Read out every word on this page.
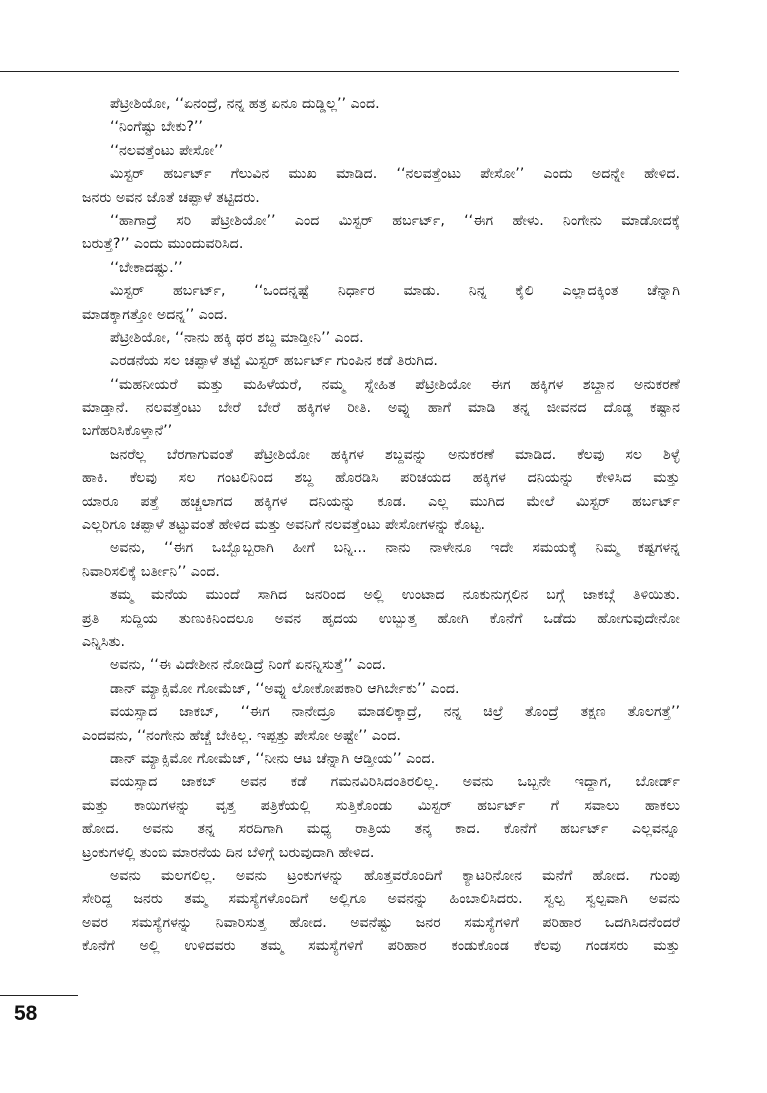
ಪೆಟ್ರೀಶಿಯೋ, ‘‘ಏನಂದ್ರೆ, ನನ್ನ ಹತ್ರ ಏನೂ ದುಡ್ಡಿಲ್ಲ’’ ಎಂದ.
‘‘ನಿಂಗೆಷ್ಟು ಬೇಕು?’’
‘‘ನಲವತ್ತೆಂಟು ಪೇಸೋ’’
ಮಿಸ್ಟರ್ ಹರ್ಬರ್ಟ್ ಗೆಲುವಿನ ಮುಖ ಮಾಡಿದ. ‘‘ನಲವತ್ತೆಂಟು ಪೇಸೋ’’ ಎಂದು ಅದನ್ನೇ ಹೇಳಿದ.
ಜನರು ಅವನ ಜೊತೆ ಚಪ್ಪಾಳೆ ತಟ್ಟಿದರು.
‘‘ಹಾಗಾದ್ರೆ ಸರಿ ಪೆಟ್ರೀಶಿಯೋ’’ ಎಂದ ಮಿಸ್ಟರ್ ಹರ್ಬರ್ಟ್, ‘‘ಈಗ ಹೇಳು. ನಿಂಗೇನು ಮಾಡೋದಕ್ಕೆ
ಬರುತ್ತೆ?’’ ಎಂದು ಮುಂದುವರಿಸಿದ.
‘‘ಬೇಕಾದಷ್ಟು.’’
ಮಿಸ್ಟರ್ ಹರ್ಬರ್ಟ್, ‘‘ಒಂದನ್ನಷ್ಟೆ ನಿರ್ಧಾರ ಮಾಡು. ನಿನ್ನ ಕೈಲಿ ಎಲ್ಲಾದಕ್ಕಿಂತ ಚೆನ್ನಾಗಿ
ಮಾಡಕ್ಕಾಗತ್ತೋ ಅದನ್ನ’’ ಎಂದ.
ಪೆಟ್ರೀಶಿಯೋ, ‘‘ನಾನು ಹಕ್ಕಿ ಥರ ಶಬ್ದ ಮಾಡ್ತೀನಿ’’ ಎಂದ.
ಎರಡನೆಯ ಸಲ ಚಪ್ಪಾಳೆ ತಟ್ಟೆ ಮಿಸ್ಟರ್ ಹರ್ಬರ್ಟ್ ಗುಂಪಿನ ಕಡೆ ತಿರುಗಿದ.
‘‘ಮಹನೀಯರೆ ಮತ್ತು ಮಹಿಳೆಯರೆ, ನಮ್ಮ ಸ್ನೇಹಿತ ಪೆಟ್ರೀಶಿಯೋ ಈಗ ಹಕ್ಕಿಗಳ ಶಬ್ದಾನ ಅನುಕರಣೆ
ಮಾಡ್ತಾನೆ. ನಲವತ್ತೆಂಟು ಬೇರೆ ಬೇರೆ ಹಕ್ಕಿಗಳ ರೀತಿ. ಅವ್ನು ಹಾಗೆ ಮಾಡಿ ತನ್ನ ಜೀವನದ ದೊಡ್ಡ ಕಷ್ಟಾನ
ಬಗೆಹರಿಸಿಕೊಳ್ತಾನೆ’’
ಜನರೆಲ್ಲ ಬೆರಗಾಗುವಂತೆ ಪೆಟ್ರೀಶಿಯೋ ಹಕ್ಕಿಗಳ ಶಬ್ದವನ್ನು ಅನುಕರಣೆ ಮಾಡಿದ. ಕೆಲವು ಸಲ ಶಿಳ್ಳೆ
ಹಾಕಿ. ಕೆಲವು ಸಲ ಗಂಟಲಿನಿಂದ ಶಬ್ದ ಹೊರಡಿಸಿ ಪರಿಚಯದ ಹಕ್ಕಿಗಳ ದನಿಯನ್ನು ಕೇಳಿಸಿದ ಮತ್ತು
ಯಾರೂ ಪತ್ತೆ ಹಚ್ಚಲಾಗದ ಹಕ್ಕಿಗಳ ದನಿಯನ್ನು ಕೂಡ. ಎಲ್ಲ ಮುಗಿದ ಮೇಲೆ ಮಿಸ್ಟರ್ ಹರ್ಬರ್ಟ್
ಎಲ್ಲರಿಗೂ ಚಪ್ಪಾಳೆ ತಟ್ಟುವಂತೆ ಹೇಳಿದ ಮತ್ತು ಅವನಿಗೆ ನಲವತ್ತೆಂಟು ಪೇಸೋಗಳನ್ನು ಕೊಟ್ಟ.
ಅವನು, ‘‘ಈಗ ಒಬ್ಬೊಬ್ಬರಾಗಿ ಹೀಗೆ ಬನ್ನಿ... ನಾನು ನಾಳೇನೂ ಇದೇ ಸಮಯಕ್ಕೆ ನಿಮ್ಮ ಕಷ್ಟಗಳನ್ನ
ನಿವಾರಿಸಲಿಕ್ಕೆ ಬರ್ತೀನಿ’’ ಎಂದ.
ತಮ್ಮ ಮನೆಯ ಮುಂದೆ ಸಾಗಿದ ಜನರಿಂದ ಅಲ್ಲಿ ಉಂಟಾದ ನೂಕುನುಗ್ಗಲಿನ ಬಗ್ಗೆ ಜಾಕಬ್ಗೆ ತಿಳಿಯಿತು.
ಪ್ರತಿ ಸುದ್ದಿಯ ತುಣುಕಿನಿಂದಲೂ ಅವನ ಹೃದಯ ಉಬ್ಬುತ್ತ ಹೋಗಿ ಕೊನೆಗೆ ಒಡೆದು ಹೋಗುವುದೇನೋ
ಎನ್ನಿಸಿತು.
ಅವನು, ‘‘ಈ ವಿದೇಶೀನ ನೋಡಿದ್ರೆ ನಿಂಗೆ ಏನನ್ನಿಸುತ್ತೆ’’ ಎಂದ.
ಡಾನ್ ಮ್ಯಾಕ್ಸಿಮೋ ಗೋಮೆಜ್, ‘‘ಅವ್ನು ಲೋಕೋಪಕಾರಿ ಆಗಿರ್ಬೇಕು’’ ಎಂದ.
ವಯಸ್ಸಾದ ಜಾಕಬ್, ‘‘ಈಗ ನಾನೇದ್ರೂ ಮಾಡಲಿಕ್ಕಾದ್ರೆ, ನನ್ನ ಚಿಲ್ರೆ ತೊಂದ್ರೆ ತಕ್ಷಣ ತೊಲಗತ್ತೆ’’
ಎಂದವನು, ‘‘ನಂಗೇನು ಹೆಚ್ಚೆ ಬೇಕಿಲ್ಲ. ಇಪ್ಪತ್ತು ಪೇಸೋ ಅಷ್ಟೇ’’ ಎಂದ.
ಡಾನ್ ಮ್ಯಾಕ್ಸಿಮೋ ಗೋಮೆಜ್, ‘‘ನೀನು ಆಟ ಚೆನ್ನಾಗಿ ಆಡ್ತೀಯ’’ ಎಂದ.
ವಯಸ್ಸಾದ ಜಾಕಬ್ ಅವನ ಕಡೆ ಗಮನವಿರಿಸಿದಂತಿರಲಿಲ್ಲ. ಅವನು ಒಬ್ಬನೇ ಇದ್ದಾಗ, ಬೋರ್ಡ್
ಮತ್ತು ಕಾಯಿಗಳನ್ನು ವೃತ್ತ ಪತ್ರಿಕೆಯಲ್ಲಿ ಸುತ್ತಿಕೊಂಡು ಮಿಸ್ಟರ್ ಹರ್ಬರ್ಟ್ ಗೆ ಸವಾಲು ಹಾಕಲು
ಹೋದ. ಅವನು ತನ್ನ ಸರದಿಗಾಗಿ ಮಧ್ಯ ರಾತ್ರಿಯ ತನ್ಕ ಕಾದ. ಕೊನೆಗೆ ಹರ್ಬರ್ಟ್ ಎಲ್ಲವನ್ನೂ
ಟ್ರಂಕುಗಳಲ್ಲಿ ತುಂಬಿ ಮಾರನೆಯ ದಿನ ಬೆಳಿಗ್ಗೆ ಬರುವುದಾಗಿ ಹೇಳಿದ.
ಅವನು ಮಲಗಲಿಲ್ಲ. ಅವನು ಟ್ರಂಕುಗಳನ್ನು ಹೊತ್ತವರೊಂದಿಗೆ ಕ್ಯಾಟರಿನೋನ ಮನೆಗೆ ಹೋದ. ಗುಂಪು
ಸೇರಿದ್ದ ಜನರು ತಮ್ಮ ಸಮಸ್ಯೆಗಳೊಂದಿಗೆ ಅಲ್ಲಿಗೂ ಅವನನ್ನು ಹಿಂಬಾಲಿಸಿದರು. ಸ್ವಲ್ಪ ಸ್ವಲ್ಪವಾಗಿ ಅವನು
ಅವರ ಸಮಸ್ಯೆಗಳನ್ನು ನಿವಾರಿಸುತ್ತ ಹೋದ. ಅವನೆಷ್ಟು ಜನರ ಸಮಸ್ಯೆಗಳಿಗೆ ಪರಿಹಾರ ಒದಗಿಸಿದನೆಂದರೆ
ಕೊನೆಗೆ ಅಲ್ಲಿ ಉಳಿದವರು ತಮ್ಮ ಸಮಸ್ಯೆಗಳಿಗೆ ಪರಿಹಾರ ಕಂಡುಕೊಂಡ ಕೆಲವು ಗಂಡಸರು ಮತ್ತು
58
